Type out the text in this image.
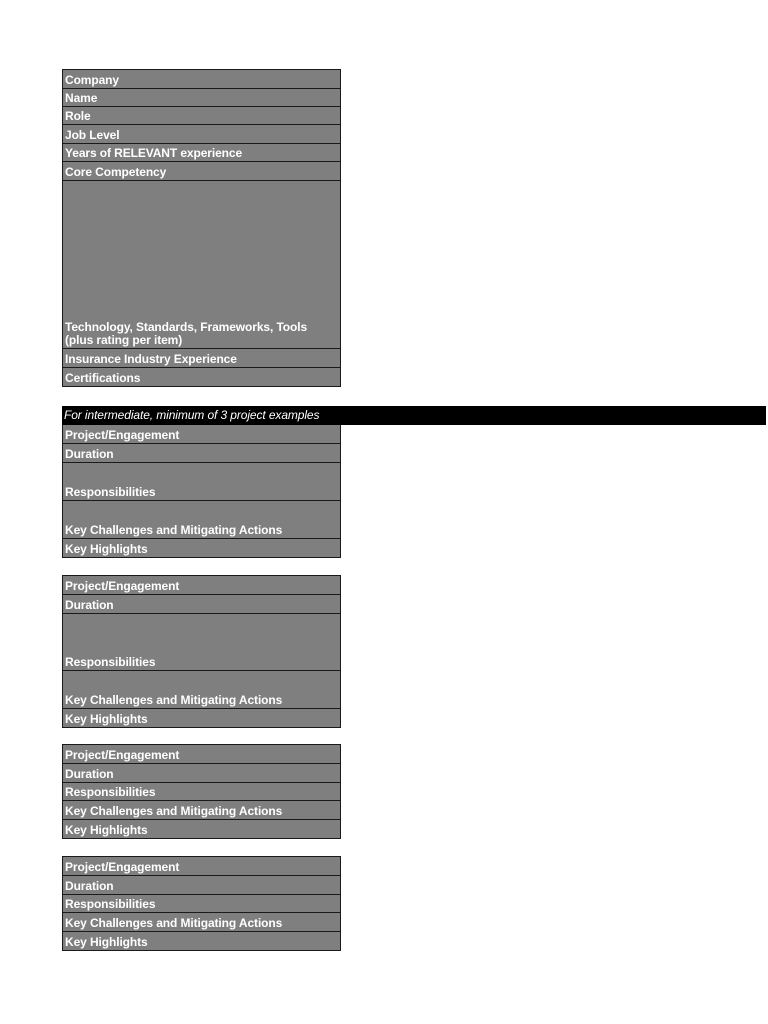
Company
Name
Role
Job Level
Years of RELEVANT experience
Core Competency
Technology, Standards, Frameworks, Tools
(plus rating per item)
Insurance Industry Experience
Certifications
For intermediate, minimum of 3 project examples
Project/Engagement
Duration
Responsibilities
Key Challenges and Mitigating Actions
Key Highlights
Project/Engagement
Duration
Responsibilities
Key Challenges and Mitigating Actions
Key Highlights
Project/Engagement
Duration
Responsibilities
Key Challenges and Mitigating Actions
Key Highlights
Project/Engagement
Duration
Responsibilities
Key Challenges and Mitigating Actions
Key Highlights
